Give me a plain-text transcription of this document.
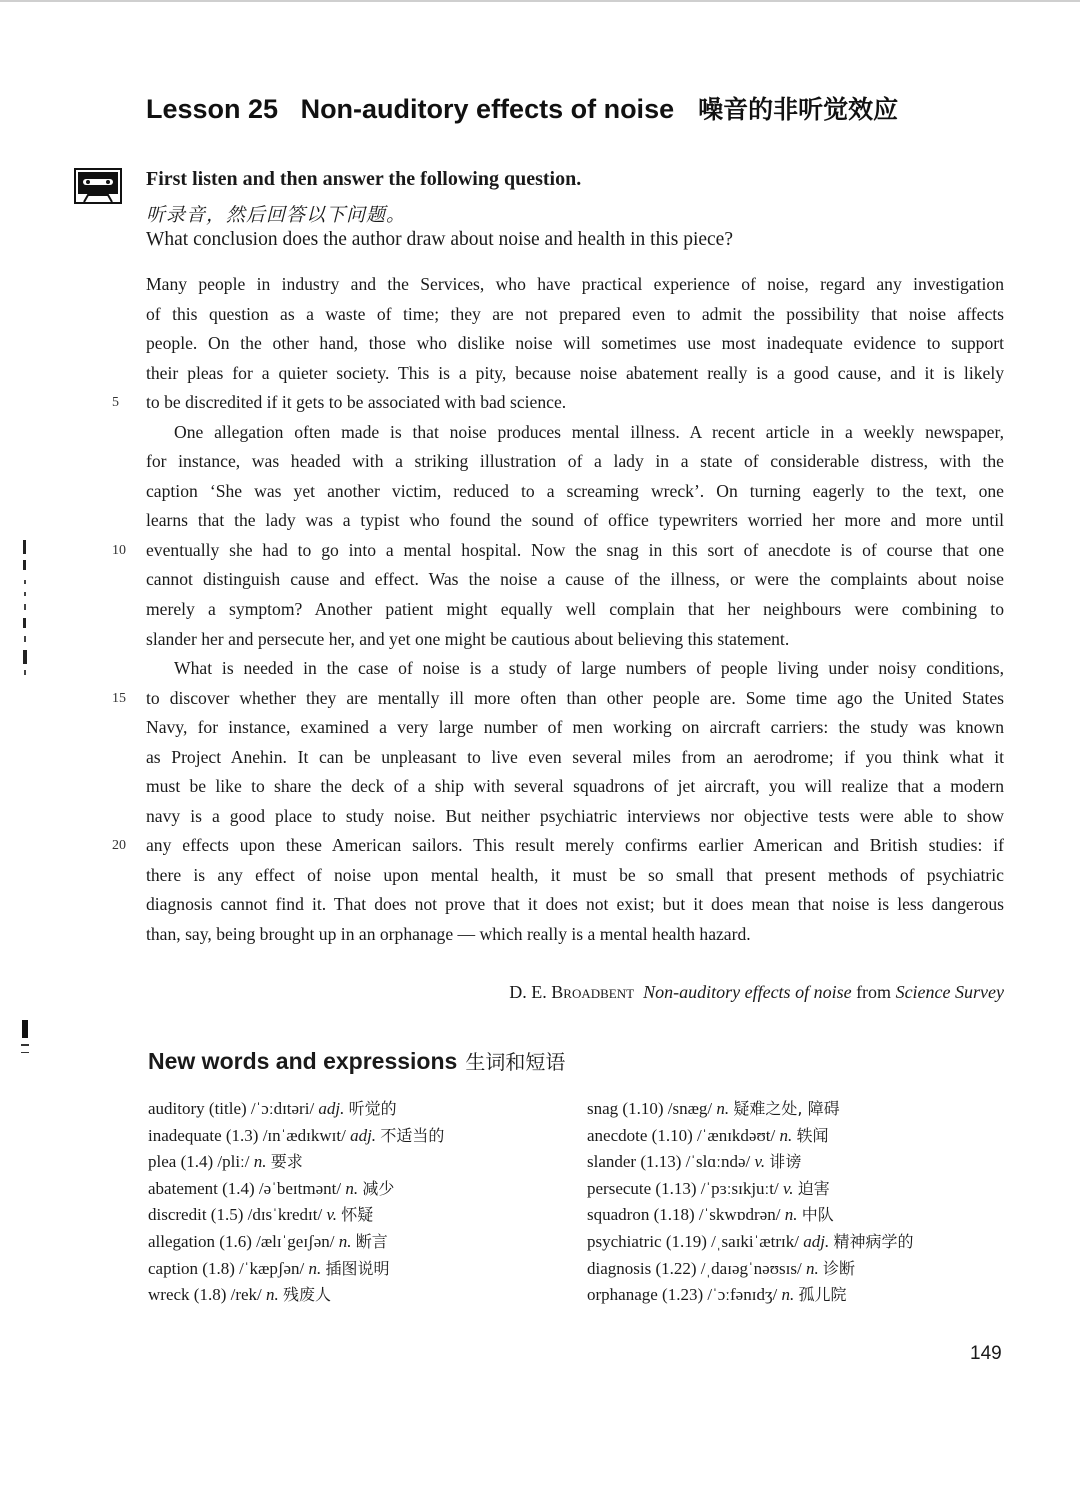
Lesson 25   Non-auditory effects of noise 噪音的非听觉效应
First listen and then answer the following question.
听录音，然后回答以下问题。
What conclusion does the author draw about noise and health in this piece?
Many people in industry and the Services, who have practical experience of noise, regard any investigation
of this question as a waste of time; they are not prepared even to admit the possibility that noise affects
people. On the other hand, those who dislike noise will sometimes use most inadequate evidence to support
their pleas for a quieter society. This is a pity, because noise abatement really is a good cause, and it is likely
5	to be discredited if it gets to be associated with bad science.
One allegation often made is that noise produces mental illness. A recent article in a weekly newspaper,
for instance, was headed with a striking illustration of a lady in a state of considerable distress, with the
caption ‘She was yet another victim, reduced to a screaming wreck’. On turning eagerly to the text, one
learns that the lady was a typist who found the sound of office typewriters worried her more and more until
10	eventually she had to go into a mental hospital. Now the snag in this sort of anecdote is of course that one
cannot distinguish cause and effect. Was the noise a cause of the illness, or were the complaints about noise
merely a symptom? Another patient might equally well complain that her neighbours were combining to
slander her and persecute her, and yet one might be cautious about believing this statement.
What is needed in the case of noise is a study of large numbers of people living under noisy conditions,
15	to discover whether they are mentally ill more often than other people are. Some time ago the United States
Navy, for instance, examined a very large number of men working on aircraft carriers: the study was known
as Project Anehin. It can be unpleasant to live even several miles from an aerodrome; if you think what it
must be like to share the deck of a ship with several squadrons of jet aircraft, you will realize that a modern
navy is a good place to study noise. But neither psychiatric interviews nor objective tests were able to show
20	any effects upon these American sailors. This result merely confirms earlier American and British studies: if
there is any effect of noise upon mental health, it must be so small that present methods of psychiatric
diagnosis cannot find it. That does not prove that it does not exist; but it does mean that noise is less dangerous
than, say, being brought up in an orphanage — which really is a mental health hazard.
D. E. Broadbent Non-auditory effects of noise from Science Survey
New words and expressions 生词和短语
auditory (title) /ˈɔːdɪtəri/ adj. 听觉的
inadequate (1.3) /ɪnˈædɪkwɪt/ adj. 不适当的
plea (1.4) /pliː/ n. 要求
abatement (1.4) /əˈbeɪtmənt/ n. 减少
discredit (1.5) /dɪsˈkredɪt/ v. 怀疑
allegation (1.6) /ælɪˈgeɪʃən/ n. 断言
caption (1.8) /ˈkæpʃən/ n. 插图说明
wreck (1.8) /rek/ n. 残废人
snag (1.10) /snæg/ n. 疑难之处, 障碍
anecdote (1.10) /ˈænɪkdəʊt/ n. 轶闻
slander (1.13) /ˈslɑːndə/ v. 诽谤
persecute (1.13) /ˈpɜːsɪkjuːt/ v. 迫害
squadron (1.18) /ˈskwɒdrən/ n. 中队
psychiatric (1.19) /ˌsaɪkiˈætrɪk/ adj. 精神病学的
diagnosis (1.22) /ˌdaɪəgˈnəʊsɪs/ n. 诊断
orphanage (1.23) /ˈɔːfənɪdʒ/ n. 孤儿院
149
